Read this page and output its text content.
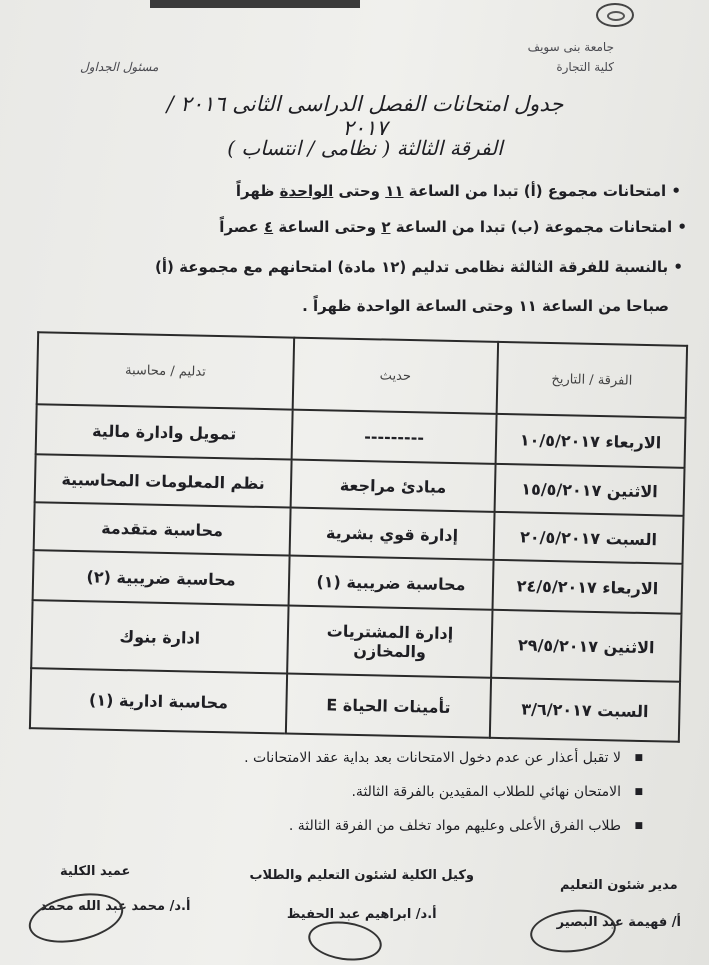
جامعة بنى سويف
كلية التجارة
مسئول الجداول
جدول امتحانات الفصل الدراسى الثانى ٢٠١٦ / ٢٠١٧
الفرقة الثالثة ( نظامى / انتساب )
• امتحانات مجموع (أ) تبدا من الساعة ١١ وحتى الواحدة ظهراً
• امتحانات مجموعة (ب) تبدا من الساعة ٢ وحتى الساعة ٤ عصراً
• بالنسبة للفرقة الثالثة نظامى تدليم (١٢ مادة) امتحانهم مع مجموعة (أ)
صباحا من الساعة ١١ وحتى الساعة الواحدة ظهراً .
الفرقة / التاريخ	حديث	تدليم / محاسبة
الاربعاء ١٠/٥/٢٠١٧	---------	تمويل وادارة مالية
الاثنين ١٥/٥/٢٠١٧	مبادئ مراجعة	نظم المعلومات المحاسبية
السبت ٢٠/٥/٢٠١٧	إدارة قوي بشرية	محاسبة متقدمة
الاربعاء ٢٤/٥/٢٠١٧	محاسبة ضريبية (١)	محاسبة ضريبية (٢)
الاثنين ٢٩/٥/٢٠١٧	إدارة المشتريات والمخازن	ادارة بنوك
السبت ٣/٦/٢٠١٧	تأمينات الحياة E	محاسبة ادارية (١)
■ لا تقبل أعذار عن عدم دخول الامتحانات بعد بداية عقد الامتحانات .
■ الامتحان نهائي للطلاب المقيدين بالفرقة الثالثة.
■ طلاب الفرق الأعلى وعليهم مواد تخلف من الفرقة الثالثة .
مدير شئون التعليم
أ/ فهيمة عبد البصير
وكيل الكلية لشئون التعليم والطلاب
أ.د/ ابراهيم عبد الحفيظ
عميد الكلية
أ.د/ محمد عبد الله محمد
